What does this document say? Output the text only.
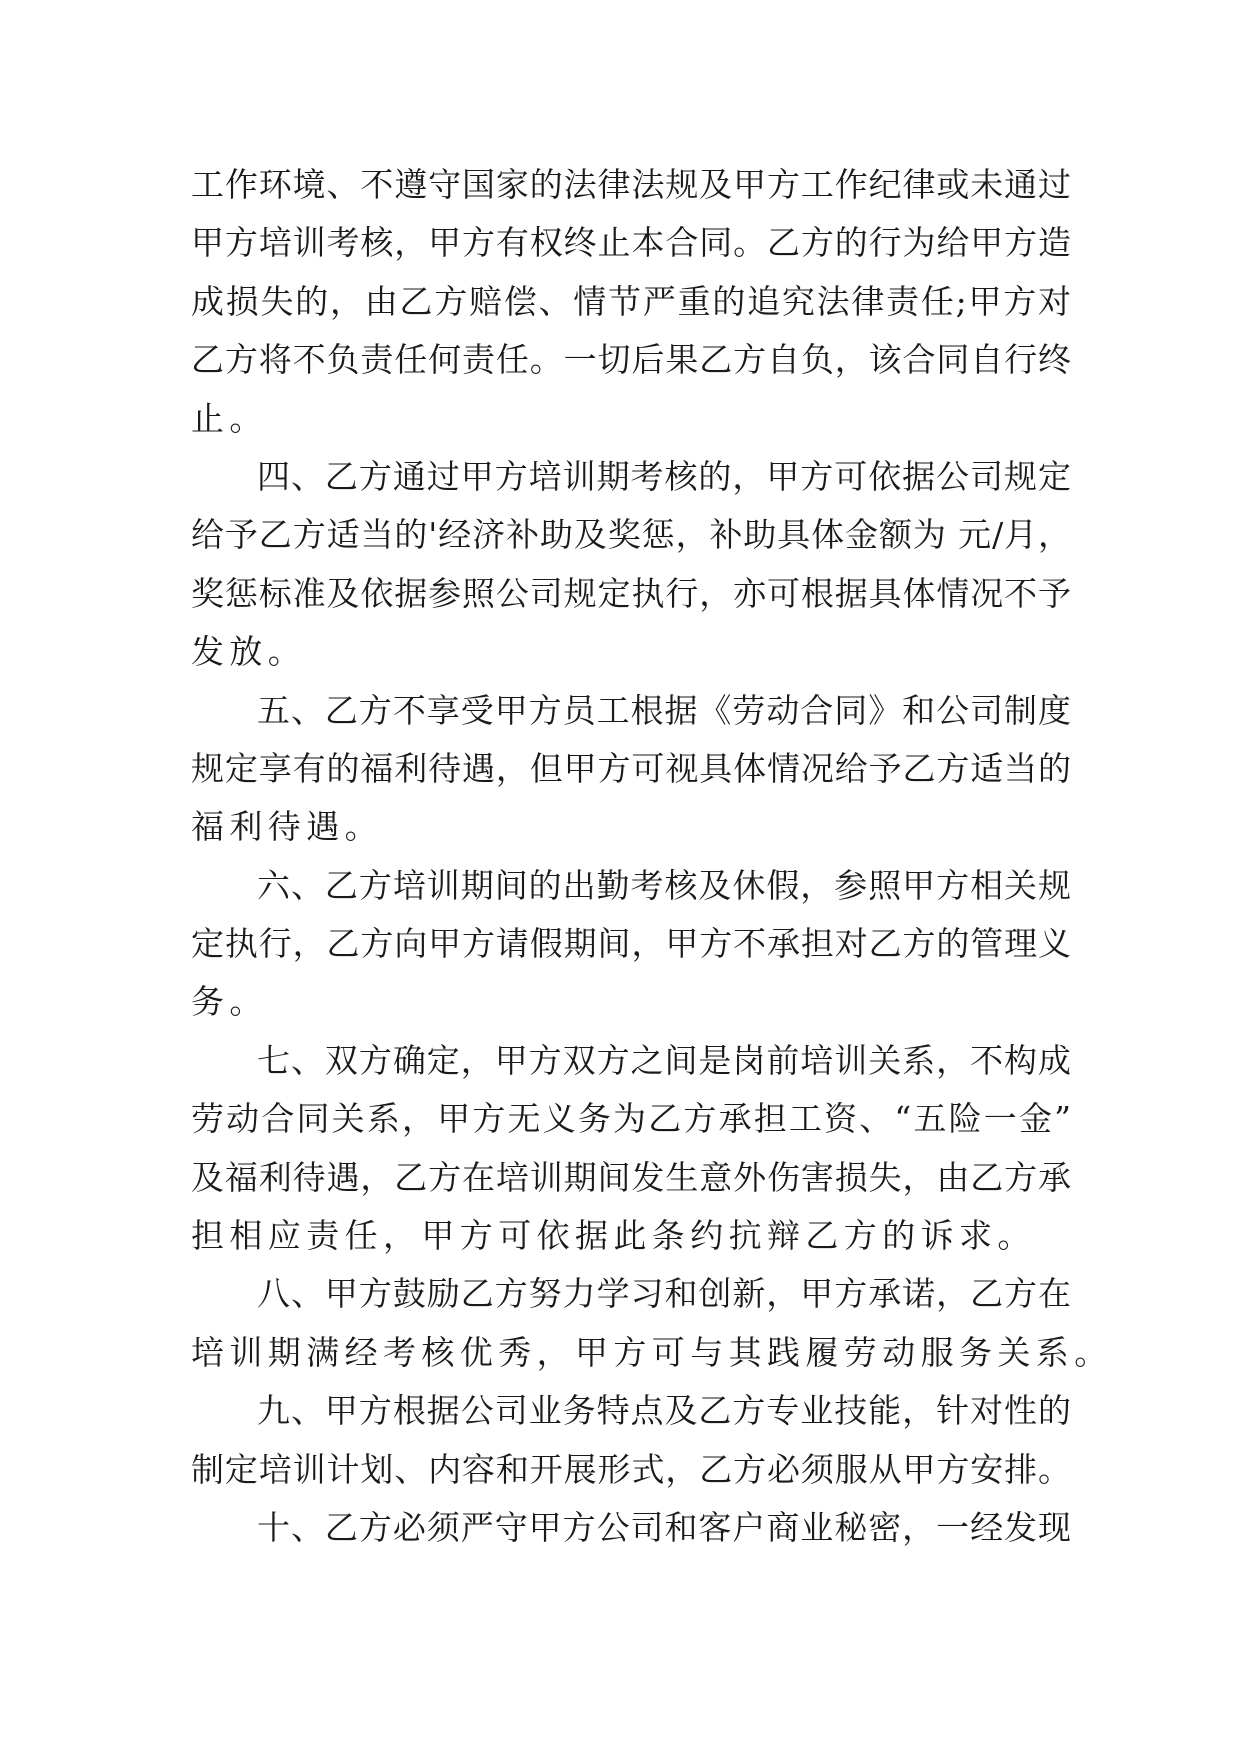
工作环境、不遵守国家的法律法规及甲方工作纪律或未通过
甲方培训考核，甲方有权终止本合同。乙方的行为给甲方造
成损失的，由乙方赔偿、情节严重的追究法律责任;甲方对
乙方将不负责任何责任。一切后果乙方自负，该合同自行终
止。
四、乙方通过甲方培训期考核的，甲方可依据公司规定
给予乙方适当的'经济补助及奖惩，补助具体金额为 元/月，
奖惩标准及依据参照公司规定执行，亦可根据具体情况不予
发放。
五、乙方不享受甲方员工根据《劳动合同》和公司制度
规定享有的福利待遇，但甲方可视具体情况给予乙方适当的
福利待遇。
六、乙方培训期间的出勤考核及休假，参照甲方相关规
定执行，乙方向甲方请假期间，甲方不承担对乙方的管理义
务。
七、双方确定，甲方双方之间是岗前培训关系，不构成
劳动合同关系，甲方无义务为乙方承担工资、“五险一金”
及福利待遇，乙方在培训期间发生意外伤害损失，由乙方承
担相应责任，甲方可依据此条约抗辩乙方的诉求。
八、甲方鼓励乙方努力学习和创新，甲方承诺，乙方在
培训期满经考核优秀，甲方可与其践履劳动服务关系。
九、甲方根据公司业务特点及乙方专业技能，针对性的
制定培训计划、内容和开展形式，乙方必须服从甲方安排。
十、乙方必须严守甲方公司和客户商业秘密，一经发现
